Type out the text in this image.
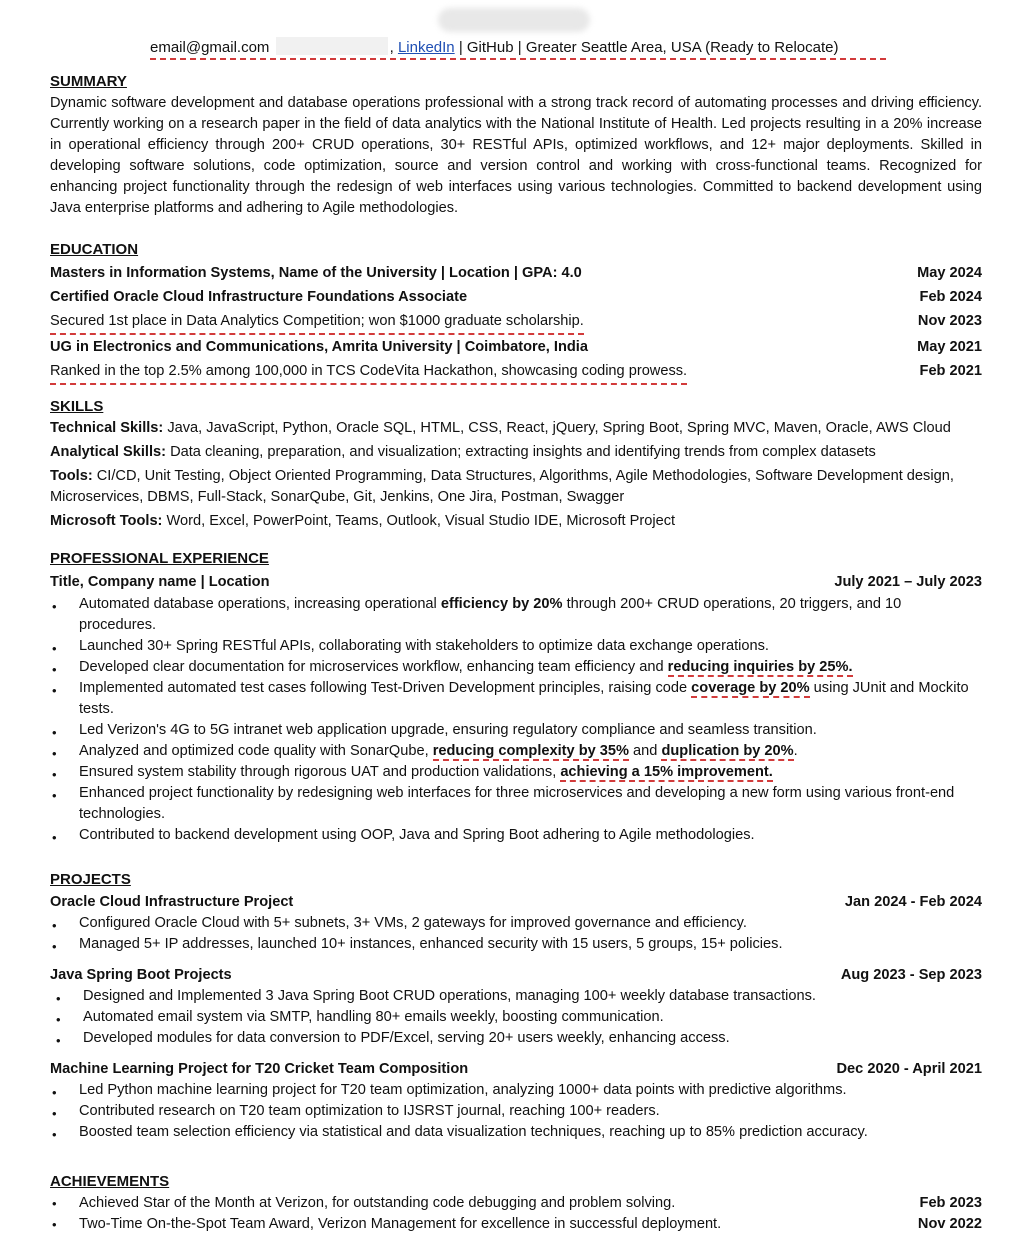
email@gmail.com	, LinkedIn | GitHub | Greater Seattle Area, USA (Ready to Relocate)
SUMMARY
Dynamic software development and database operations professional with a strong track record of automating processes and driving efficiency. Currently working on a research paper in the field of data analytics with the National Institute of Health. Led projects resulting in a 20% increase in operational efficiency through 200+ CRUD operations, 30+ RESTful APIs, optimized workflows, and 12+ major deployments. Skilled in developing software solutions, code optimization, source and version control and working with cross-functional teams. Recognized for enhancing project functionality through the redesign of web interfaces using various technologies. Committed to backend development using Java enterprise platforms and adhering to Agile methodologies.
EDUCATION
Masters in Information Systems, Name of the University | Location | GPA: 4.0	May 2024
Certified Oracle Cloud Infrastructure Foundations Associate	Feb 2024
Secured 1st place in Data Analytics Competition; won $1000 graduate scholarship.	Nov 2023
UG in Electronics and Communications, Amrita University | Coimbatore, India	May 2021
Ranked in the top 2.5% among 100,000 in TCS CodeVita Hackathon, showcasing coding prowess.	Feb 2021
SKILLS
Technical Skills: Java, JavaScript, Python, Oracle SQL, HTML, CSS, React, jQuery, Spring Boot, Spring MVC, Maven, Oracle, AWS Cloud
Analytical Skills: Data cleaning, preparation, and visualization; extracting insights and identifying trends from complex datasets
Tools: CI/CD, Unit Testing, Object Oriented Programming, Data Structures, Algorithms, Agile Methodologies, Software Development design, Microservices, DBMS, Full-Stack, SonarQube, Git, Jenkins, One Jira, Postman, Swagger
Microsoft Tools: Word, Excel, PowerPoint, Teams, Outlook, Visual Studio IDE, Microsoft Project
PROFESSIONAL EXPERIENCE
Title, Company name | Location	July 2021 – July 2023
• Automated database operations, increasing operational efficiency by 20% through 200+ CRUD operations, 20 triggers, and 10 procedures.
• Launched 30+ Spring RESTful APIs, collaborating with stakeholders to optimize data exchange operations.
• Developed clear documentation for microservices workflow, enhancing team efficiency and reducing inquiries by 25%.
• Implemented automated test cases following Test-Driven Development principles, raising code coverage by 20% using JUnit and Mockito tests.
• Led Verizon's 4G to 5G intranet web application upgrade, ensuring regulatory compliance and seamless transition.
• Analyzed and optimized code quality with SonarQube, reducing complexity by 35% and duplication by 20%.
• Ensured system stability through rigorous UAT and production validations, achieving a 15% improvement.
• Enhanced project functionality by redesigning web interfaces for three microservices and developing a new form using various front-end technologies.
• Contributed to backend development using OOP, Java and Spring Boot adhering to Agile methodologies.
PROJECTS
Oracle Cloud Infrastructure Project	Jan 2024 - Feb 2024
• Configured Oracle Cloud with 5+ subnets, 3+ VMs, 2 gateways for improved governance and efficiency.
• Managed 5+ IP addresses, launched 10+ instances, enhanced security with 15 users, 5 groups, 15+ policies.
Java Spring Boot Projects	Aug 2023 - Sep 2023
• Designed and Implemented 3 Java Spring Boot CRUD operations, managing 100+ weekly database transactions.
• Automated email system via SMTP, handling 80+ emails weekly, boosting communication.
• Developed modules for data conversion to PDF/Excel, serving 20+ users weekly, enhancing access.
Machine Learning Project for T20 Cricket Team Composition	Dec 2020 - April 2021
• Led Python machine learning project for T20 team optimization, analyzing 1000+ data points with predictive algorithms.
• Contributed research on T20 team optimization to IJSRST journal, reaching 100+ readers.
• Boosted team selection efficiency via statistical and data visualization techniques, reaching up to 85% prediction accuracy.
ACHIEVEMENTS
• Achieved Star of the Month at Verizon, for outstanding code debugging and problem solving.	Feb 2023
• Two-Time On-the-Spot Team Award, Verizon Management for excellence in successful deployment.	Nov 2022
